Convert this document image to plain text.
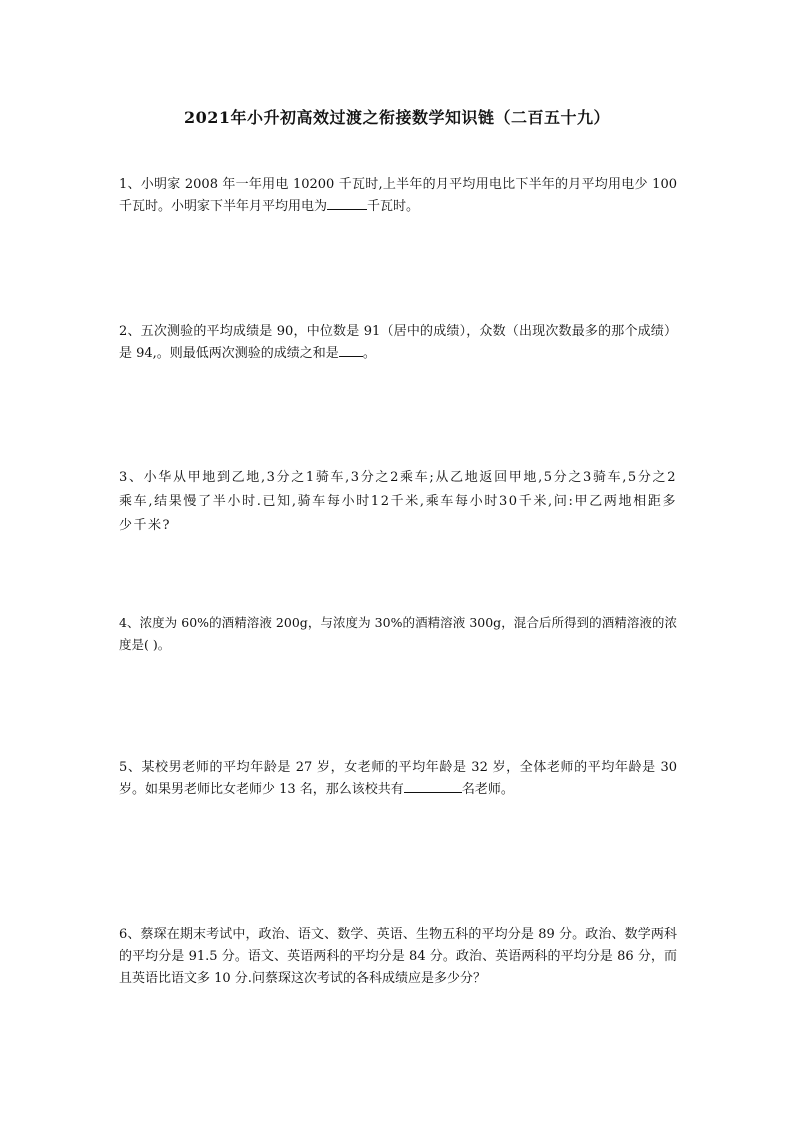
2021年小升初高效过渡之衔接数学知识链（二百五十九）
1、小明家 2008 年一年用电 10200 千瓦时,上半年的月平均用电比下半年的月平均用电少 100 千瓦时。小明家下半年月平均用电为	千瓦时。
2、五次测验的平均成绩是 90，中位数是 91（居中的成绩），众数（出现次数最多的那个成绩）是 94,。则最低两次测验的成绩之和是 。
3、小华从甲地到乙地,3分之1骑车,3分之2乘车;从乙地返回甲地,5分之3骑车,5分之2乘车,结果慢了半小时.已知,骑车每小时12千米,乘车每小时30千米,问:甲乙两地相距多少千米?
4、浓度为 60%的酒精溶液 200g，与浓度为 30%的酒精溶液 300g，混合后所得到的酒精溶液的浓度是( )。
5、某校男老师的平均年龄是 27 岁，女老师的平均年龄是 32 岁，全体老师的平均年龄是 30 岁。如果男老师比女老师少 13 名，那么该校共有	名老师。
6、蔡琛在期末考试中，政治、语文、数学、英语、生物五科的平均分是 89 分。政治、数学两科的平均分是 91.5 分。语文、英语两科的平均分是 84 分。政治、英语两科的平均分是 86 分，而且英语比语文多 10 分.问蔡琛这次考试的各科成绩应是多少分？
